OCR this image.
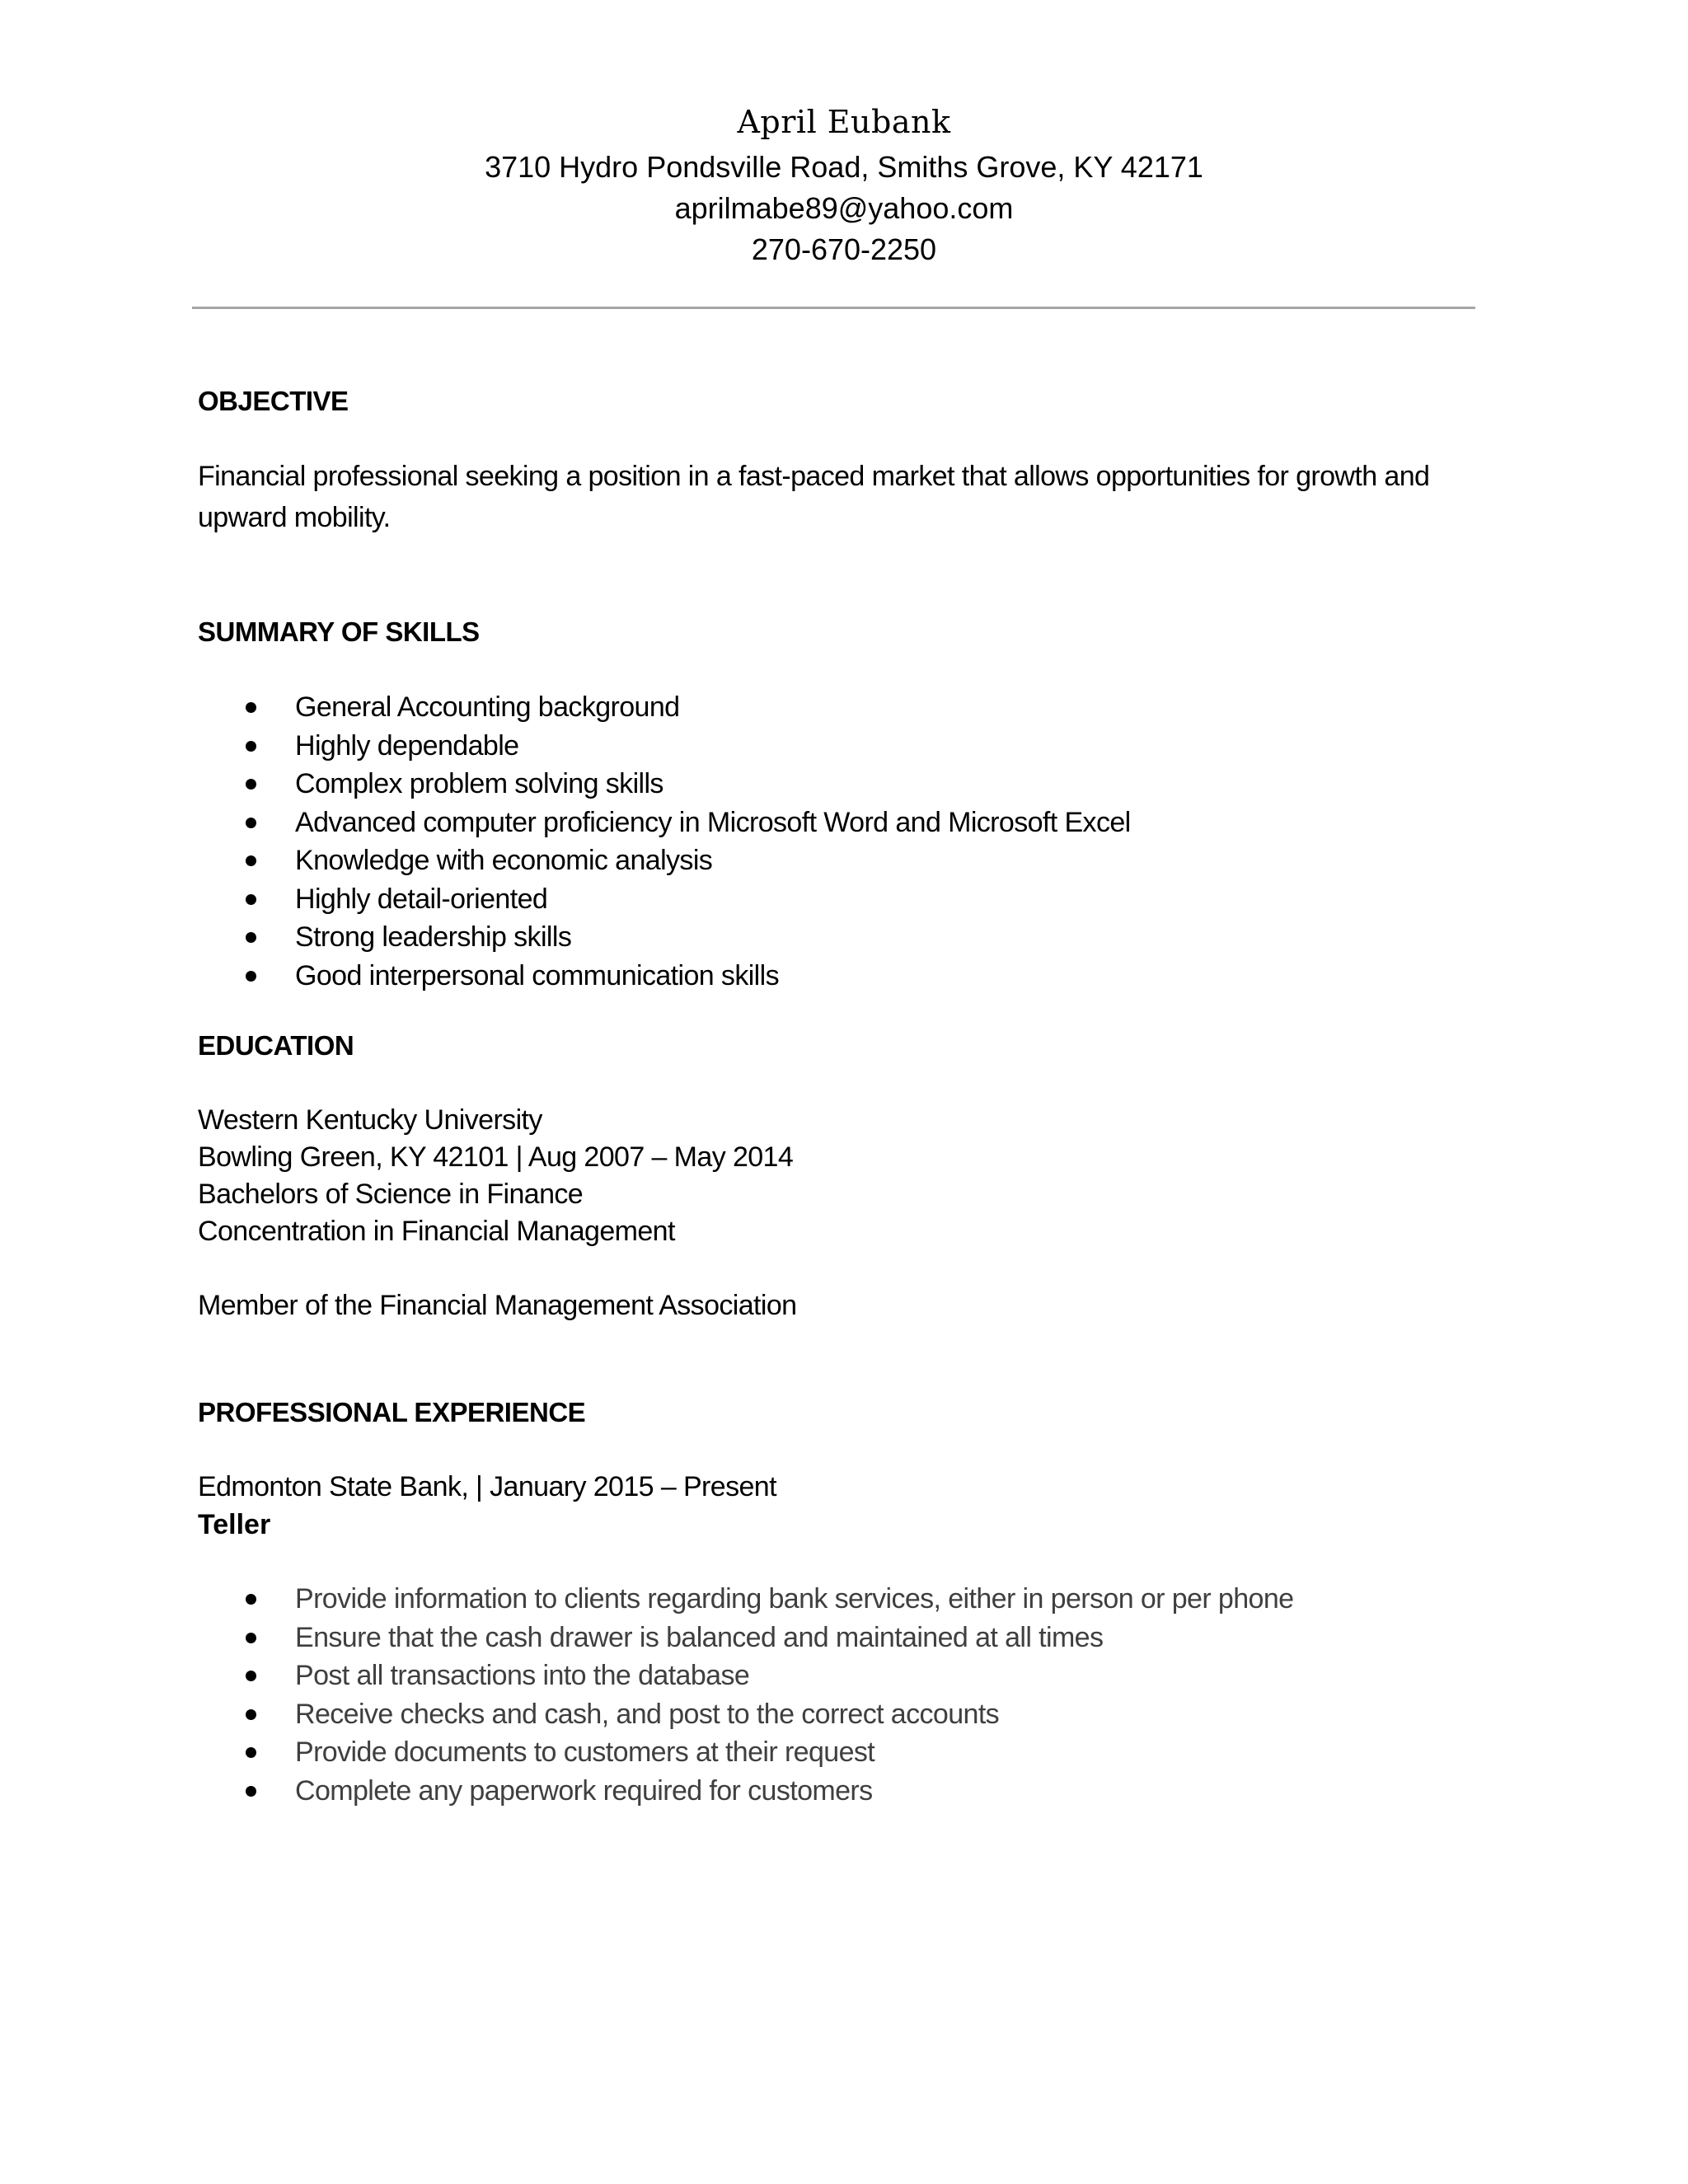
April Eubank
3710 Hydro Pondsville Road, Smiths Grove, KY 42171
aprilmabe89@yahoo.com
270-670-2250
OBJECTIVE
Financial professional seeking a position in a fast-paced market that allows opportunities for growth and
upward mobility.
SUMMARY OF SKILLS
General Accounting background
Highly dependable
Complex problem solving skills
Advanced computer proficiency in Microsoft Word and Microsoft Excel
Knowledge with economic analysis
Highly detail-oriented
Strong leadership skills
Good interpersonal communication skills
EDUCATION
Western Kentucky University
Bowling Green, KY 42101 | Aug 2007 – May 2014
Bachelors of Science in Finance
Concentration in Financial Management
Member of the Financial Management Association
PROFESSIONAL EXPERIENCE
Edmonton State Bank, | January 2015 – Present
Teller
Provide information to clients regarding bank services, either in person or per phone
Ensure that the cash drawer is balanced and maintained at all times
Post all transactions into the database
Receive checks and cash, and post to the correct accounts
Provide documents to customers at their request
Complete any paperwork required for customers
